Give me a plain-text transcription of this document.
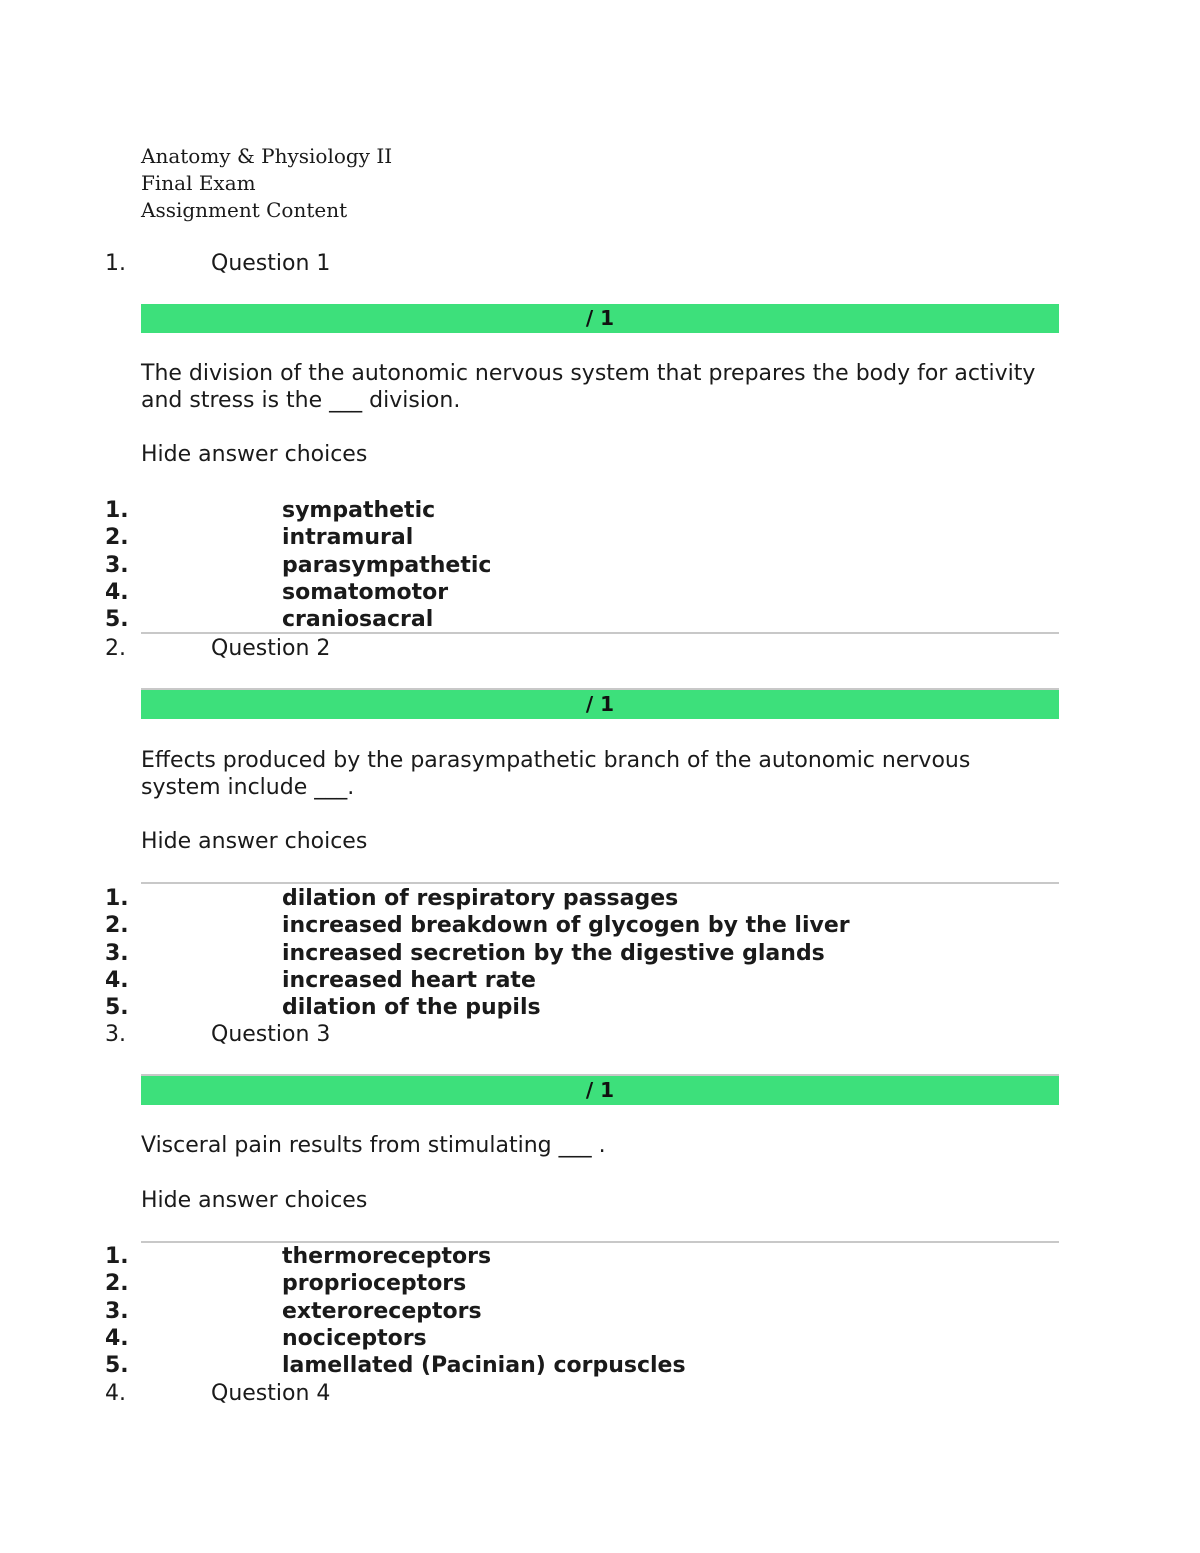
Anatomy & Physiology II
Final Exam
Assignment Content
1.	Question 1
/ 1
The division of the autonomic nervous system that prepares the body for activity and stress is the ___ division.
Hide answer choices
1.	sympathetic
2.	intramural
3.	parasympathetic
4.	somatomotor
5.	craniosacral
2.	Question 2
/ 1
Effects produced by the parasympathetic branch of the autonomic nervous system include ___.
Hide answer choices
1.	dilation of respiratory passages
2.	increased breakdown of glycogen by the liver
3.	increased secretion by the digestive glands
4.	increased heart rate
5.	dilation of the pupils
3.	Question 3
/ 1
Visceral pain results from stimulating ___ .
Hide answer choices
1.	thermoreceptors
2.	proprioceptors
3.	exteroreceptors
4.	nociceptors
5.	lamellated (Pacinian) corpuscles
4.	Question 4
